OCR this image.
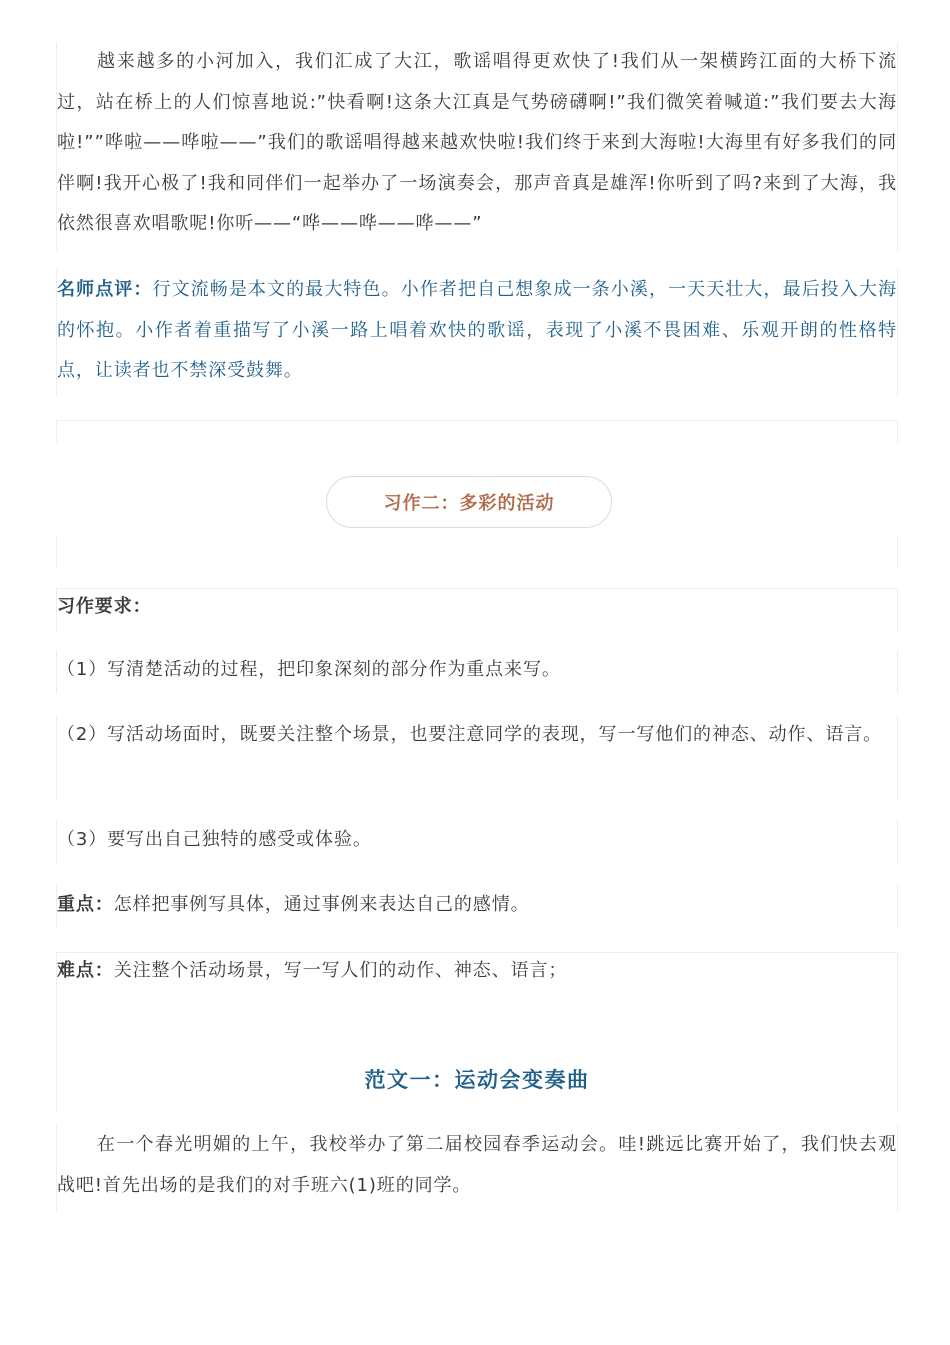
越来越多的小河加入，我们汇成了大江，歌谣唱得更欢快了!我们从一架横跨江面的大桥下流过，站在桥上的人们惊喜地说:”快看啊!这条大江真是气势磅礴啊!”我们微笑着喊道:”我们要去大海啦!””哗啦——哗啦——”我们的歌谣唱得越来越欢快啦!我们终于来到大海啦!大海里有好多我们的同伴啊!我开心极了!我和同伴们一起举办了一场演奏会，那声音真是雄浑!你听到了吗?来到了大海，我依然很喜欢唱歌呢!你听——“哗——哗——哗——”

名师点评：行文流畅是本文的最大特色。小作者把自己想象成一条小溪，一天天壮大，最后投入大海的怀抱。小作者着重描写了小溪一路上唱着欢快的歌谣，表现了小溪不畏困难、乐观开朗的性格特点，让读者也不禁深受鼓舞。

习作二：多彩的活动

习作要求：

（1）写清楚活动的过程，把印象深刻的部分作为重点来写。

（2）写活动场面时，既要关注整个场景，也要注意同学的表现，写一写他们的神态、动作、语言。

（3）要写出自己独特的感受或体验。

重点：怎样把事例写具体，通过事例来表达自己的感情。

难点：关注整个活动场景，写一写人们的动作、神态、语言；

范文一：运动会变奏曲

在一个春光明媚的上午，我校举办了第二届校园春季运动会。哇!跳远比赛开始了，我们快去观战吧!首先出场的是我们的对手班六(1)班的同学。
